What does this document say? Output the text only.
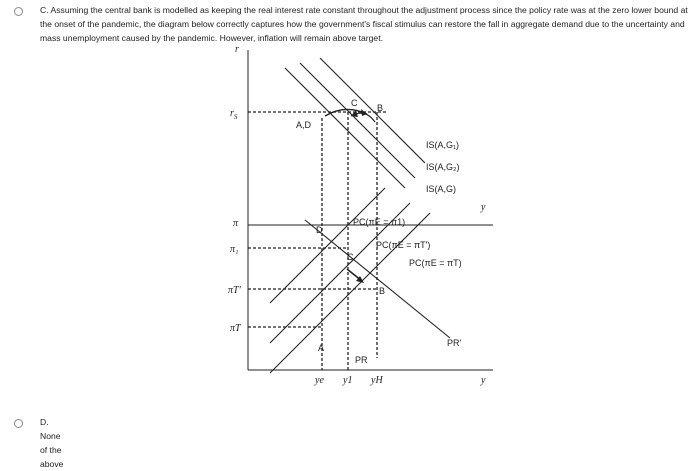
C. Assuming the central bank is modelled as keeping the real interest rate constant throughout the adjustment process since the policy rate was at the zero lower bound at the onset of the pandemic, the diagram below correctly captures how the government's fiscal stimulus can restore the fall in aggregate demand due to the uncertainty and mass unemployment caused by the pandemic. However, inflation will remain above target.
r
$r_S$
y
A,D
C B
IS(A,G₁)
IS(A,G₂)
IS(A,G)
π
π₁
πT'
πT
D
C
B
A
PC(πE = π1)
PC(πE = πT')
PC(πE = πT)
PR
PR'
ye y1 yH	y
D. None of the above
